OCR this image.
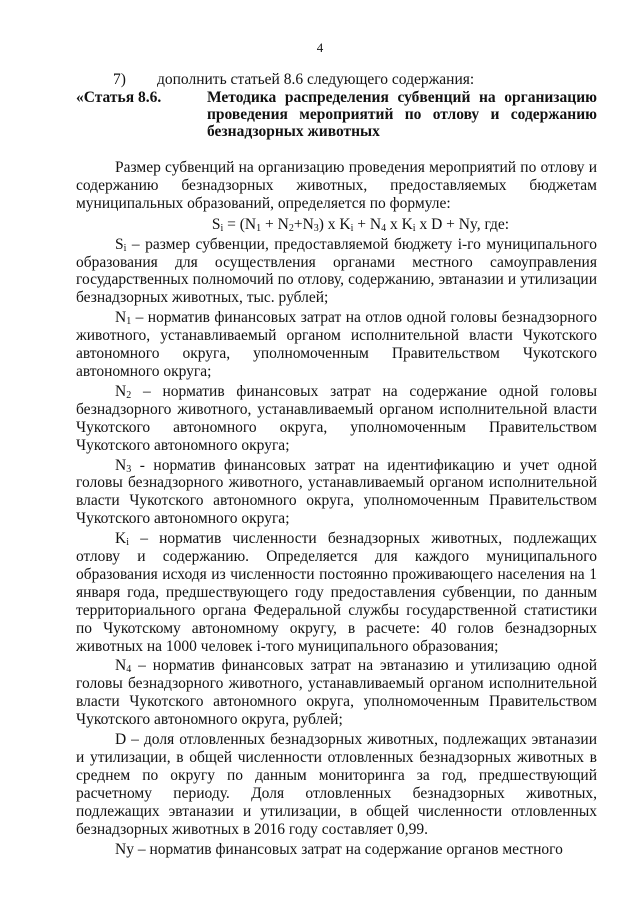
4
7)	дополнить статьей 8.6 следующего содержания:
«Статья 8.6.	Методика распределения субвенций на организацию проведения мероприятий по отлову и содержанию безнадзорных животных

Размер субвенций на организацию проведения мероприятий по отлову и содержанию безнадзорных животных, предоставляемых бюджетам муниципальных образований, определяется по формуле:

$S_i = (N_1 + N_2+N_3)$ x $K_i + N_4$ x $K_i$ x D + Ny, где:

$S_i$ – размер субвенции, предоставляемой бюджету i-го муниципального образования для осуществления органами местного самоуправления государственных полномочий по отлову, содержанию, эвтаназии и утилизации безнадзорных животных, тыс. рублей;

$N_1$ – норматив финансовых затрат на отлов одной головы безнадзорного животного, устанавливаемый органом исполнительной власти Чукотского автономного округа, уполномоченным Правительством Чукотского автономного округа;

$N_2$ – норматив финансовых затрат на содержание одной головы безнадзорного животного, устанавливаемый органом исполнительной власти Чукотского автономного округа, уполномоченным Правительством Чукотского автономного округа;

$N_3$ - норматив финансовых затрат на идентификацию и учет одной головы безнадзорного животного, устанавливаемый органом исполнительной власти Чукотского автономного округа, уполномоченным Правительством Чукотского автономного округа;

$K_i$ – норматив численности безнадзорных животных, подлежащих отлову и содержанию. Определяется для каждого муниципального образования исходя из численности постоянно проживающего населения на 1 января года, предшествующего году предоставления субвенции, по данным территориального органа Федеральной службы государственной статистики по Чукотскому автономному округу, в расчете: 40 голов безнадзорных животных на 1000 человек i-того муниципального образования;

$N_4$ – норматив финансовых затрат на эвтаназию и утилизацию одной головы безнадзорного животного, устанавливаемый органом исполнительной власти Чукотского автономного округа, уполномоченным Правительством Чукотского автономного округа, рублей;

D – доля отловленных безнадзорных животных, подлежащих эвтаназии и утилизации, в общей численности отловленных безнадзорных животных в среднем по округу по данным мониторинга за год, предшествующий расчетному периоду. Доля отловленных безнадзорных животных, подлежащих эвтаназии и утилизации, в общей численности отловленных безнадзорных животных в 2016 году составляет 0,99.

Ny – норматив финансовых затрат на содержание органов местного
